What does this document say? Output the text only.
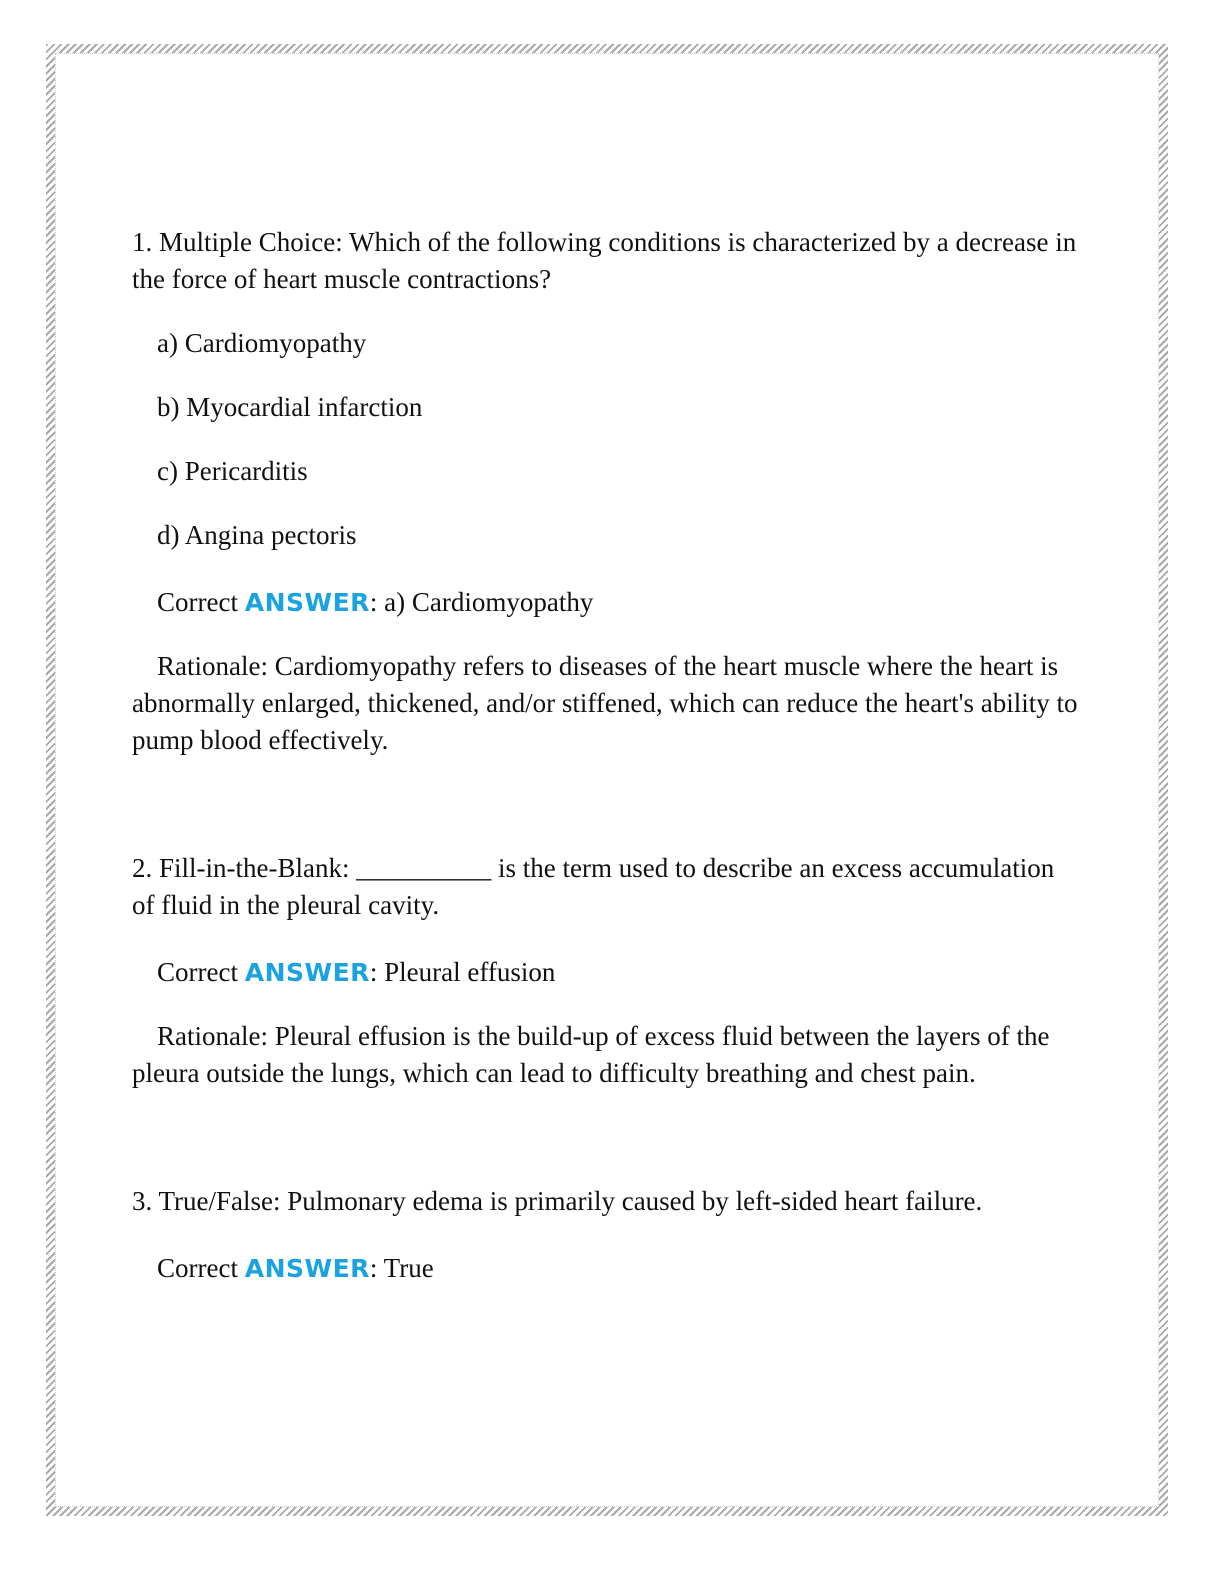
1. Multiple Choice: Which of the following conditions is characterized by a decrease in the force of heart muscle contractions?

a) Cardiomyopathy

b) Myocardial infarction

c) Pericarditis

d) Angina pectoris

Correct ANSWER: a) Cardiomyopathy

Rationale: Cardiomyopathy refers to diseases of the heart muscle where the heart is abnormally enlarged, thickened, and/or stiffened, which can reduce the heart's ability to pump blood effectively.

2. Fill-in-the-Blank: __________ is the term used to describe an excess accumulation of fluid in the pleural cavity.

Correct ANSWER: Pleural effusion

Rationale: Pleural effusion is the build-up of excess fluid between the layers of the pleura outside the lungs, which can lead to difficulty breathing and chest pain.

3. True/False: Pulmonary edema is primarily caused by left-sided heart failure.

Correct ANSWER: True
